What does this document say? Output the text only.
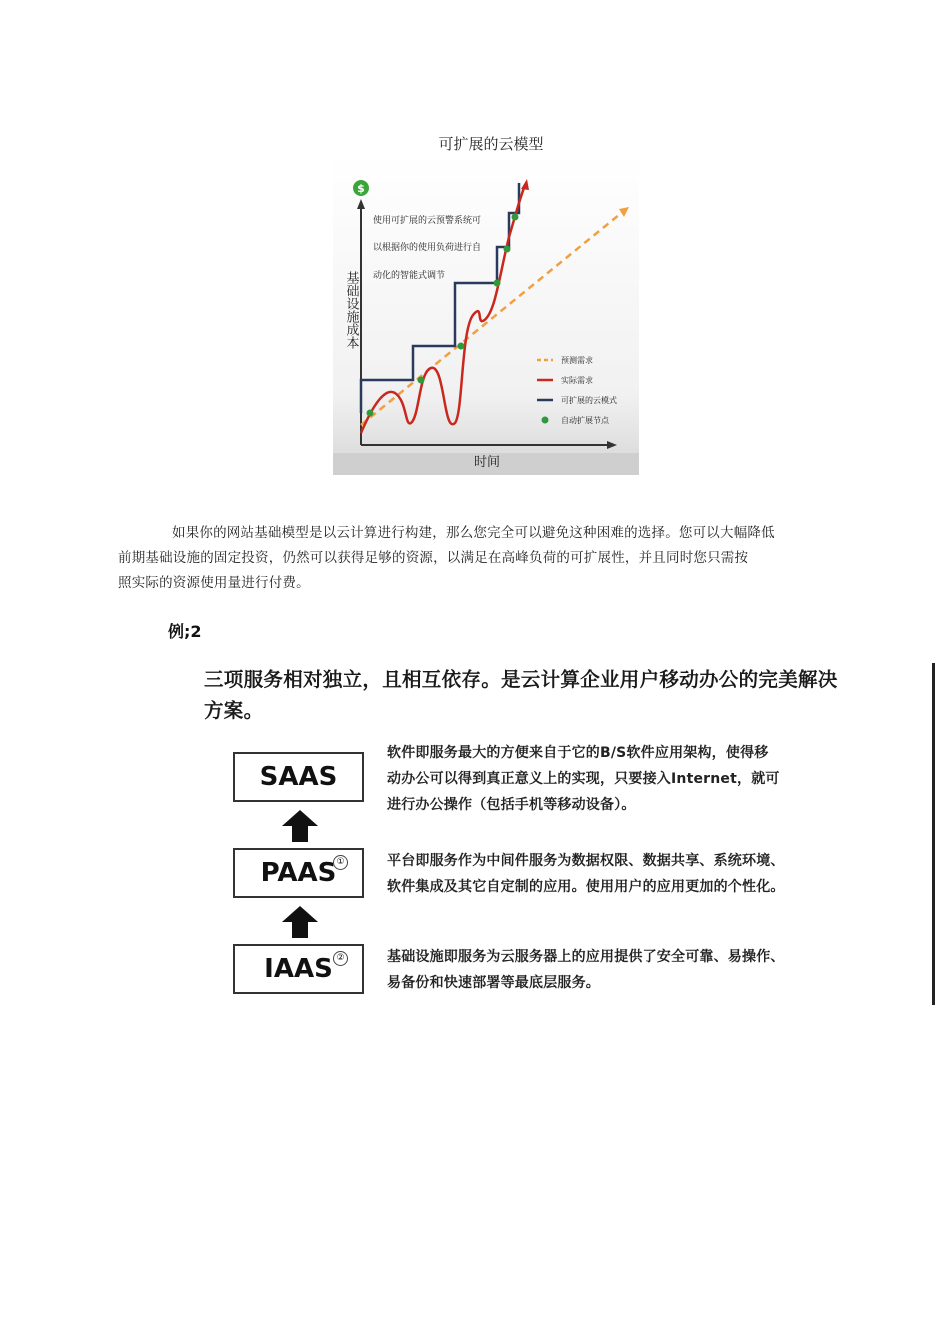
可扩展的云模型
$
使用可扩展的云预警系统可
以根据你的使用负荷进行自
动化的智能式调节
基础设施成本
时间
预测需求
实际需求
可扩展的云模式
自动扩展节点
如果你的网站基础模型是以云计算进行构建，那么您完全可以避免这种困难的选择。您可以大幅降低
前期基础设施的固定投资，仍然可以获得足够的资源，以满足在高峰负荷的可扩展性，并且同时您只需按
照实际的资源使用量进行付费。
例;2
三项服务相对独立，且相互依存。是云计算企业用户移动办公的完美解决
方案。
SAAS
软件即服务最大的方便来自于它的B/S软件应用架构，使得移
动办公可以得到真正意义上的实现，只要接入Internet，就可
进行办公操作（包括手机等移动设备）。
PAAS ①	平台即服务作为中间件服务为数据权限、数据共享、系统环境、
软件集成及其它自定制的应用。使用用户的应用更加的个性化。
IAAS ②	基础设施即服务为云服务器上的应用提供了安全可靠、易操作、
易备份和快速部署等最底层服务。
